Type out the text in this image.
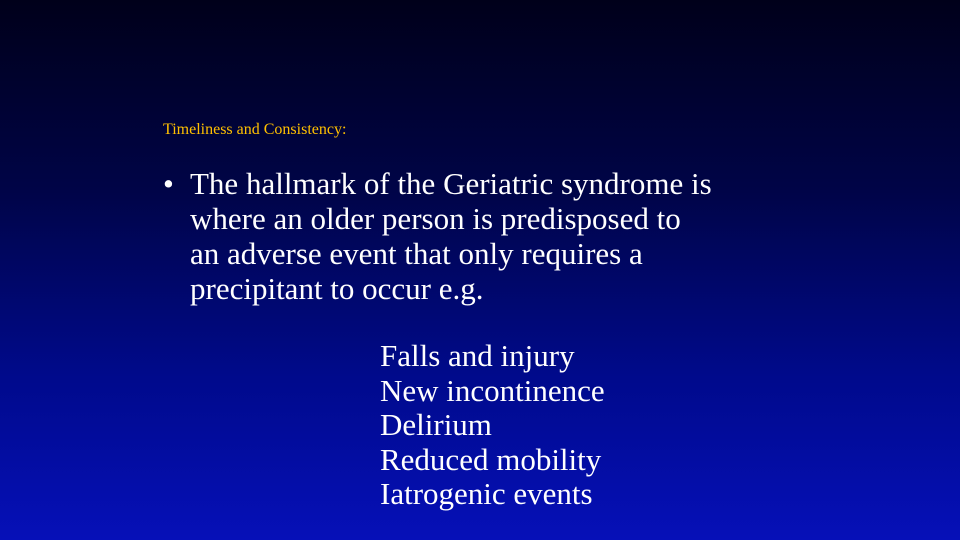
Timeliness and Consistency:
• The hallmark of the Geriatric syndrome is
where an older person is predisposed to
an adverse event that only requires a
precipitant to occur e.g.
Falls and injury
New incontinence
Delirium
Reduced mobility
Iatrogenic events
